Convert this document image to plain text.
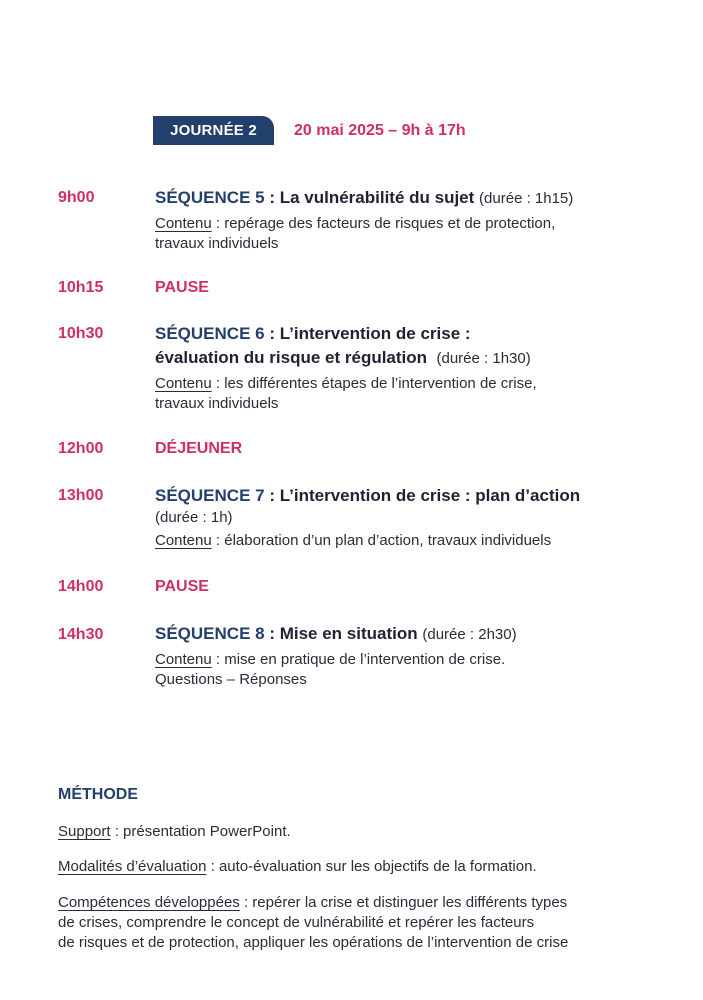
JOURNÉE 2	20 mai 2025 – 9h à 17h
9h00	SÉQUENCE 5 : La vulnérabilité du sujet (durée : 1h15)
Contenu : repérage des facteurs de risques et de protection,
travaux individuels
10h15	PAUSE
10h30	SÉQUENCE 6 : L’intervention de crise :
évaluation du risque et régulation (durée : 1h30)
Contenu : les différentes étapes de l’intervention de crise,
travaux individuels
12h00	DÉJEUNER
13h00	SÉQUENCE 7 : L’intervention de crise : plan d’action
(durée : 1h)
Contenu : élaboration d’un plan d’action, travaux individuels
14h00	PAUSE
14h30	SÉQUENCE 8 : Mise en situation (durée : 2h30)
Contenu : mise en pratique de l’intervention de crise.
Questions – Réponses
MÉTHODE
Support : présentation PowerPoint.
Modalités d’évaluation : auto-évaluation sur les objectifs de la formation.
Compétences développées : repérer la crise et distinguer les différents types
de crises, comprendre le concept de vulnérabilité et repérer les facteurs
de risques et de protection, appliquer les opérations de l’intervention de crise
